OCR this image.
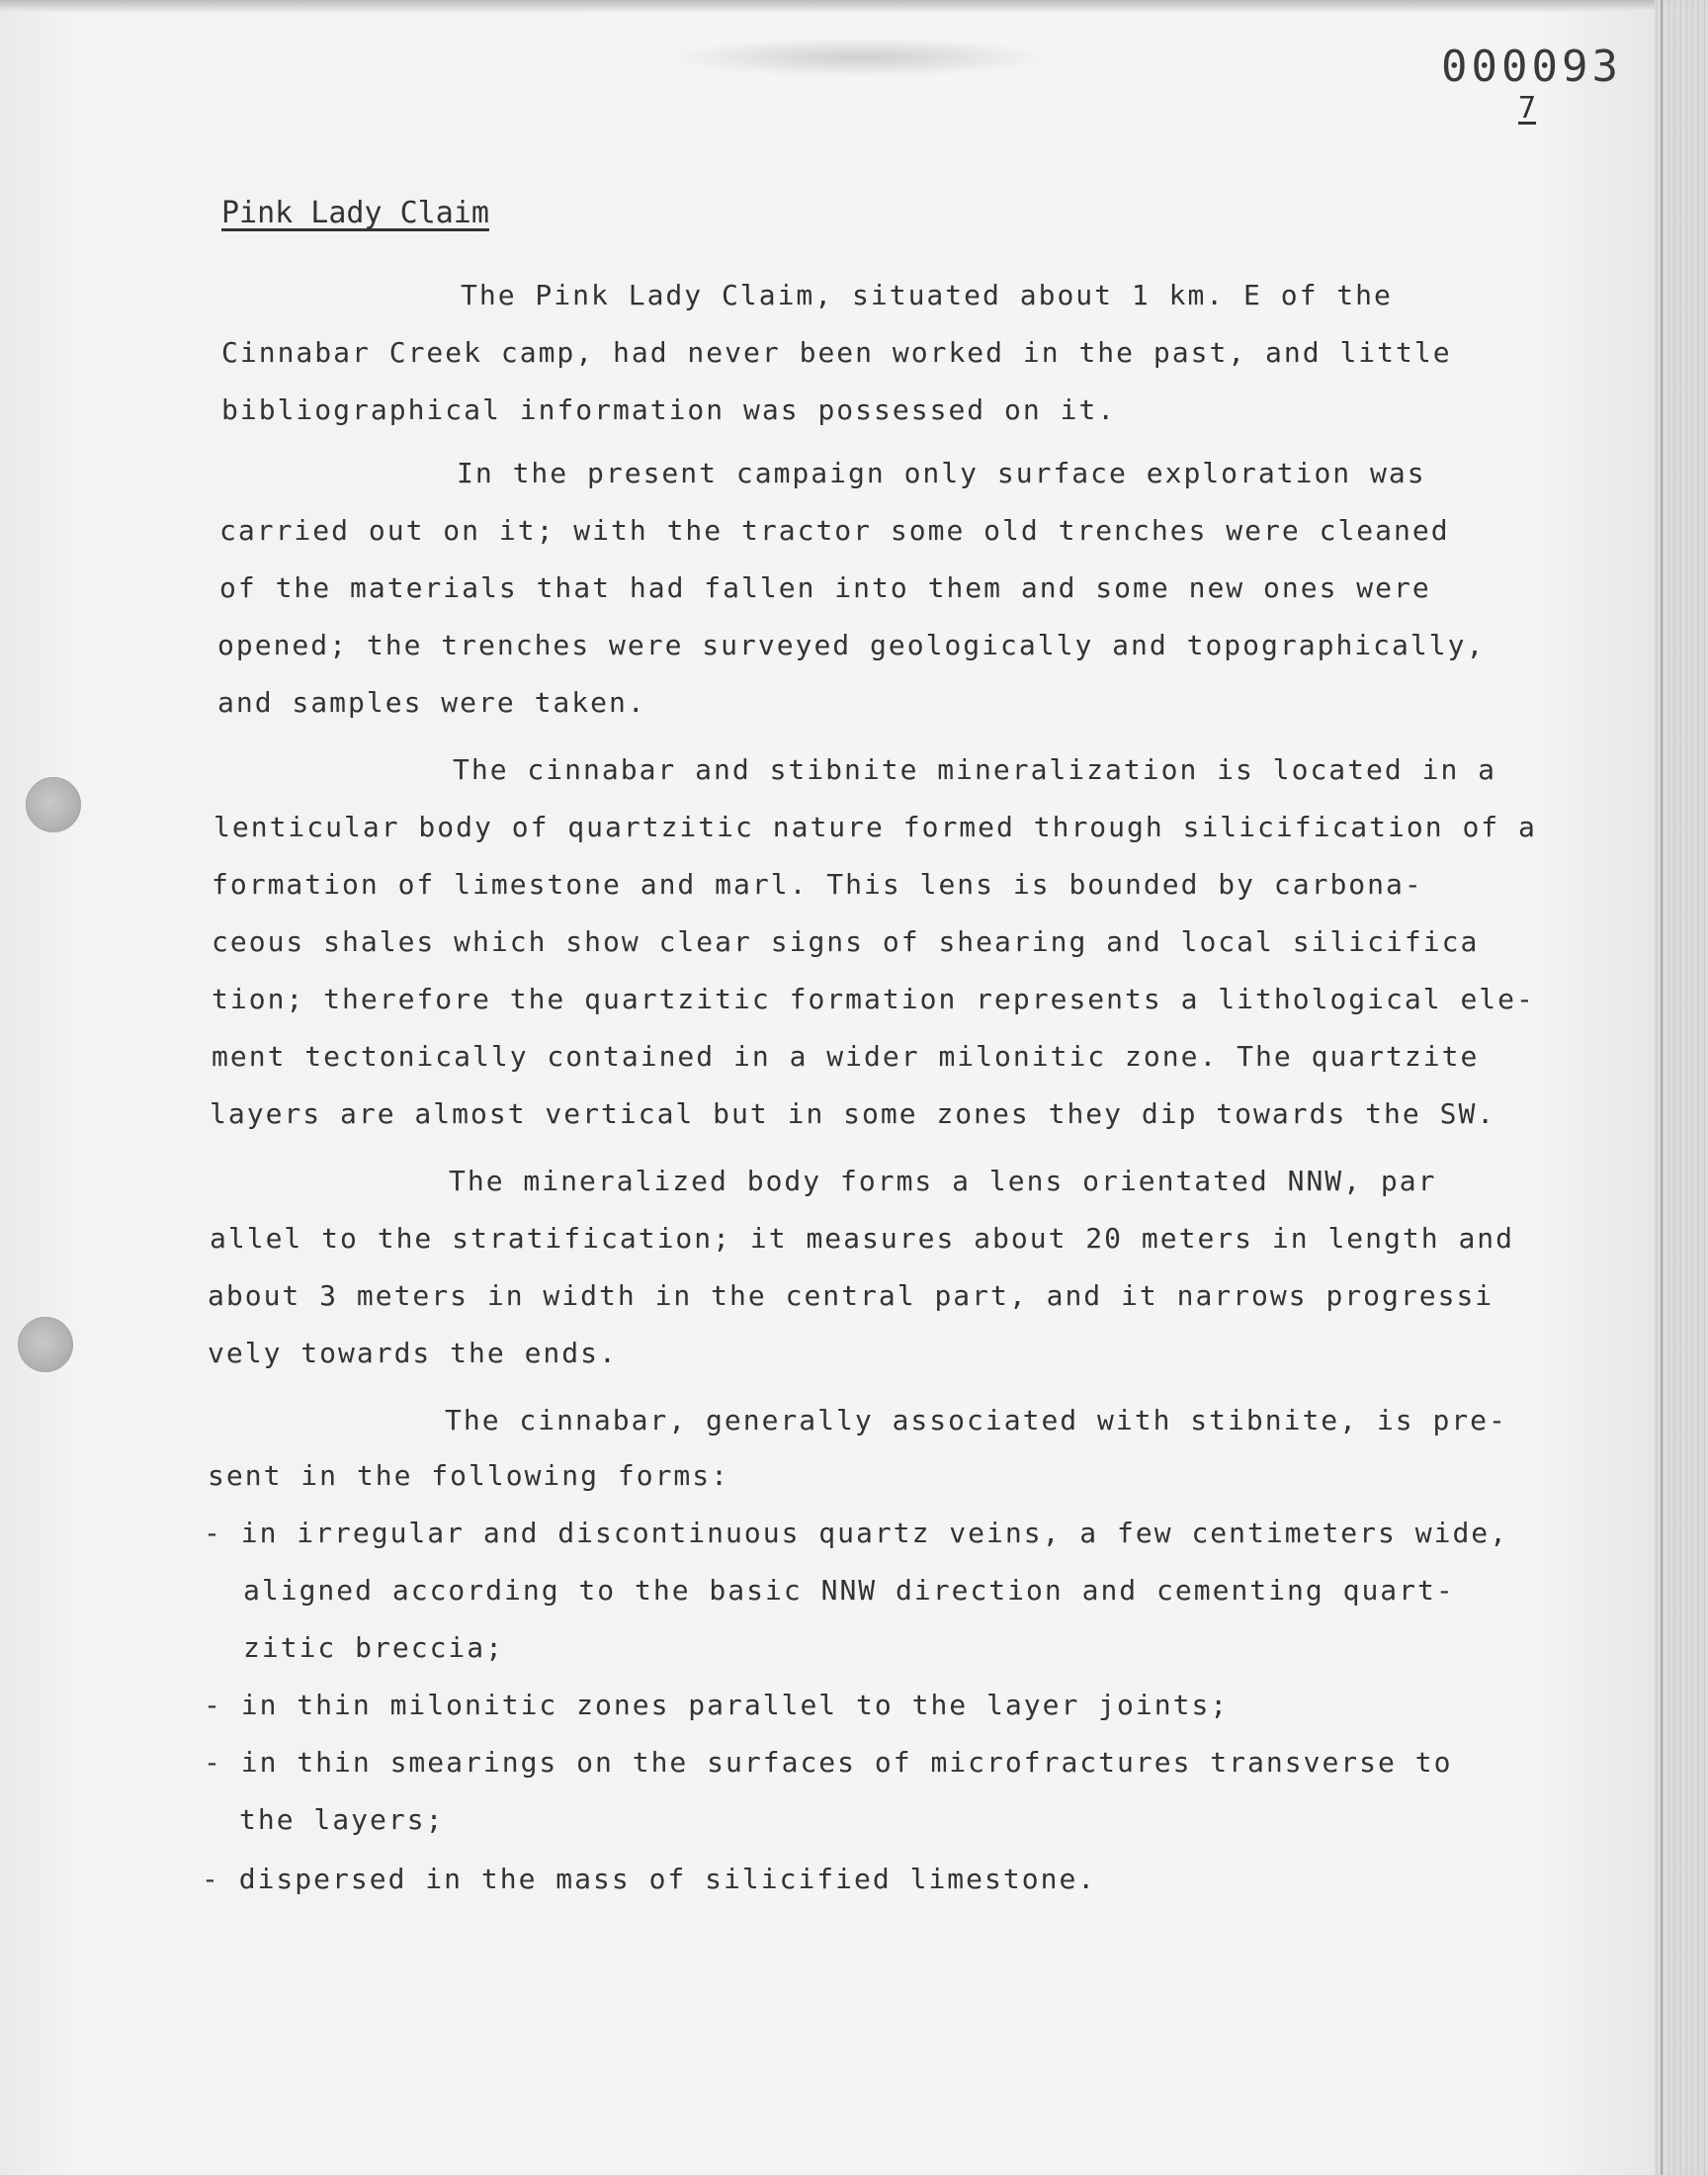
000093
7
Pink Lady Claim
The Pink Lady Claim, situated about 1 km. E of the
Cinnabar Creek camp, had never been worked in the past, and little
bibliographical information was possessed on it.
In the present campaign only surface exploration was
carried out on it; with the tractor some old trenches were cleaned
of the materials that had fallen into them and some new ones were
opened; the trenches were surveyed geologically and topographically,
and samples were taken.
The cinnabar and stibnite mineralization is located in a
lenticular body of quartzitic nature formed through silicification of a
formation of limestone and marl. This lens is bounded by carbona-
ceous shales which show clear signs of shearing and local silicifica
tion; therefore the quartzitic formation represents a lithological ele-
ment tectonically contained in a wider milonitic zone. The quartzite
layers are almost vertical but in some zones they dip towards the SW.
The mineralized body forms a lens orientated NNW, par
allel to the stratification; it measures about 20 meters in length and
about 3 meters in width in the central part, and it narrows progressi
vely towards the ends.
The cinnabar, generally associated with stibnite, is pre-
sent in the following forms:
- in irregular and discontinuous quartz veins, a few centimeters wide,
aligned according to the basic NNW direction and cementing quart-
zitic breccia;
- in thin milonitic zones parallel to the layer joints;
- in thin smearings on the surfaces of microfractures transverse to
the layers;
- dispersed in the mass of silicified limestone.
